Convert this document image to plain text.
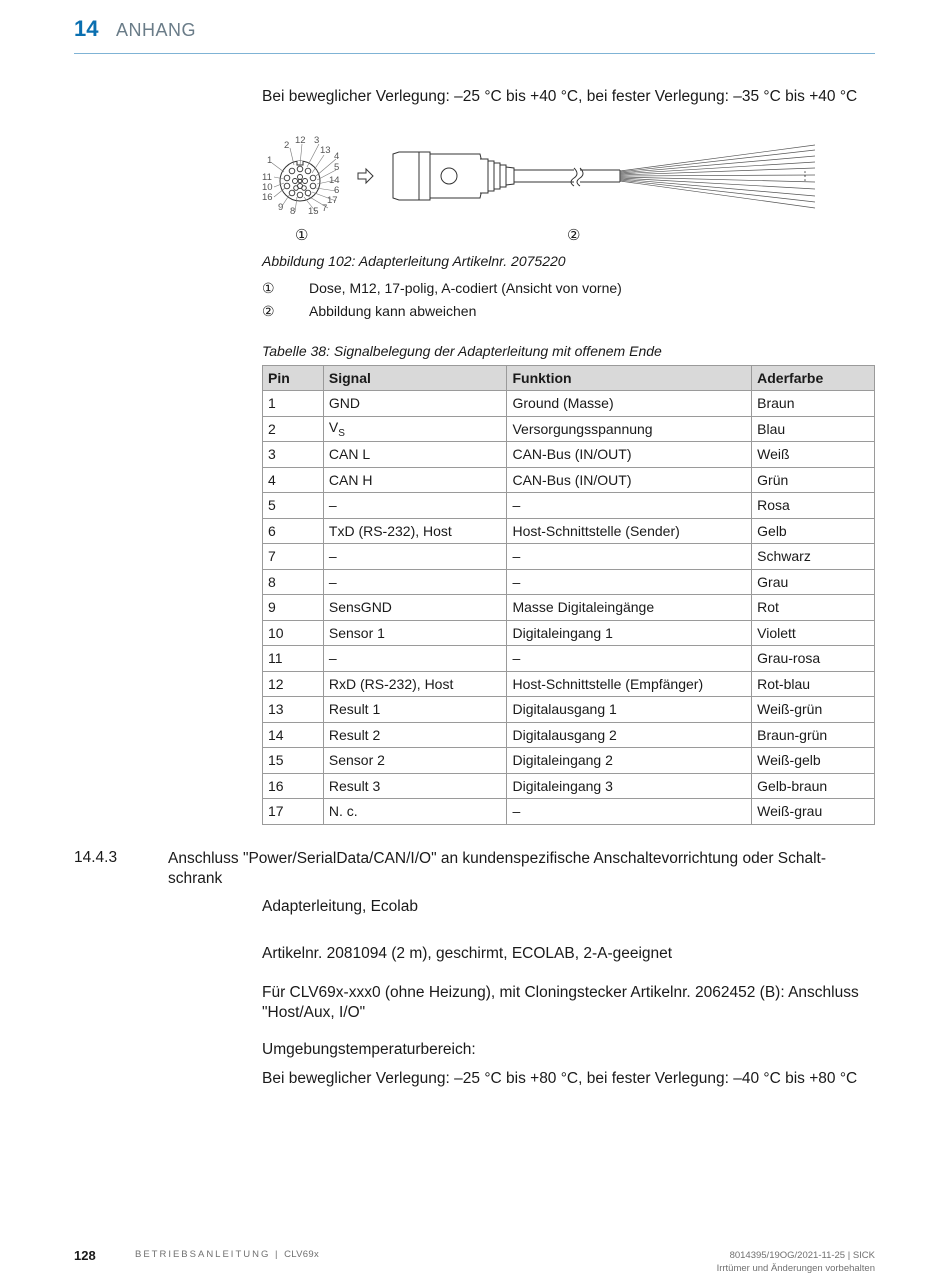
14 ANHANG
Bei beweglicher Verlegung: –25 °C bis +40 °C, bei fester Verlegung: –35 °C bis +40 °C
1
2 12 3
13
4
5
14
6
17
7
15
8
9
16
10
11
①	②
Abbildung 102: Adapterleitung Artikelnr. 2075220
① Dose, M12, 17-polig, A-codiert (Ansicht von vorne)
② Abbildung kann abweichen
Tabelle 38: Signalbelegung der Adapterleitung mit offenem Ende
Pin	Signal	Funktion	Aderfarbe
1	GND	Ground (Masse)	Braun
2	$V_S$	Versorgungsspannung	Blau
3	CAN L	CAN-Bus (IN/OUT)	Weiß
4	CAN H	CAN-Bus (IN/OUT)	Grün
5	–	–	Rosa
6	TxD (RS-232), Host	Host-Schnittstelle (Sender)	Gelb
7	–	–	Schwarz
8	–	–	Grau
9	SensGND	Masse Digitaleingänge	Rot
10	Sensor 1	Digitaleingang 1	Violett
11	–	–	Grau-rosa
12	RxD (RS-232), Host	Host-Schnittstelle (Empfänger)	Rot-blau
13	Result 1	Digitalausgang 1	Weiß-grün
14	Result 2	Digitalausgang 2	Braun-grün
15	Sensor 2	Digitaleingang 2	Weiß-gelb
16	Result 3	Digitaleingang 3	Gelb-braun
17	N. c.	–	Weiß-grau
14.4.3	Anschluss "Power/SerialData/CAN/I/O" an kundenspezifische Anschaltevorrichtung oder Schaltschrank
Adapterleitung, Ecolab
Artikelnr. 2081094 (2 m), geschirmt, ECOLAB, 2-A-geeignet
Für CLV69x-xxx0 (ohne Heizung), mit Cloningstecker Artikelnr. 2062452 (B): Anschluss "Host/Aux, I/O"
Umgebungstemperaturbereich:
Bei beweglicher Verlegung: –25 °C bis +80 °C, bei fester Verlegung: –40 °C bis +80 °C
128	BETRIEBSANLEITUNG | CLV69x	8014395/19OG/2021-11-25 | SICK
Irrtümer und Änderungen vorbehalten
